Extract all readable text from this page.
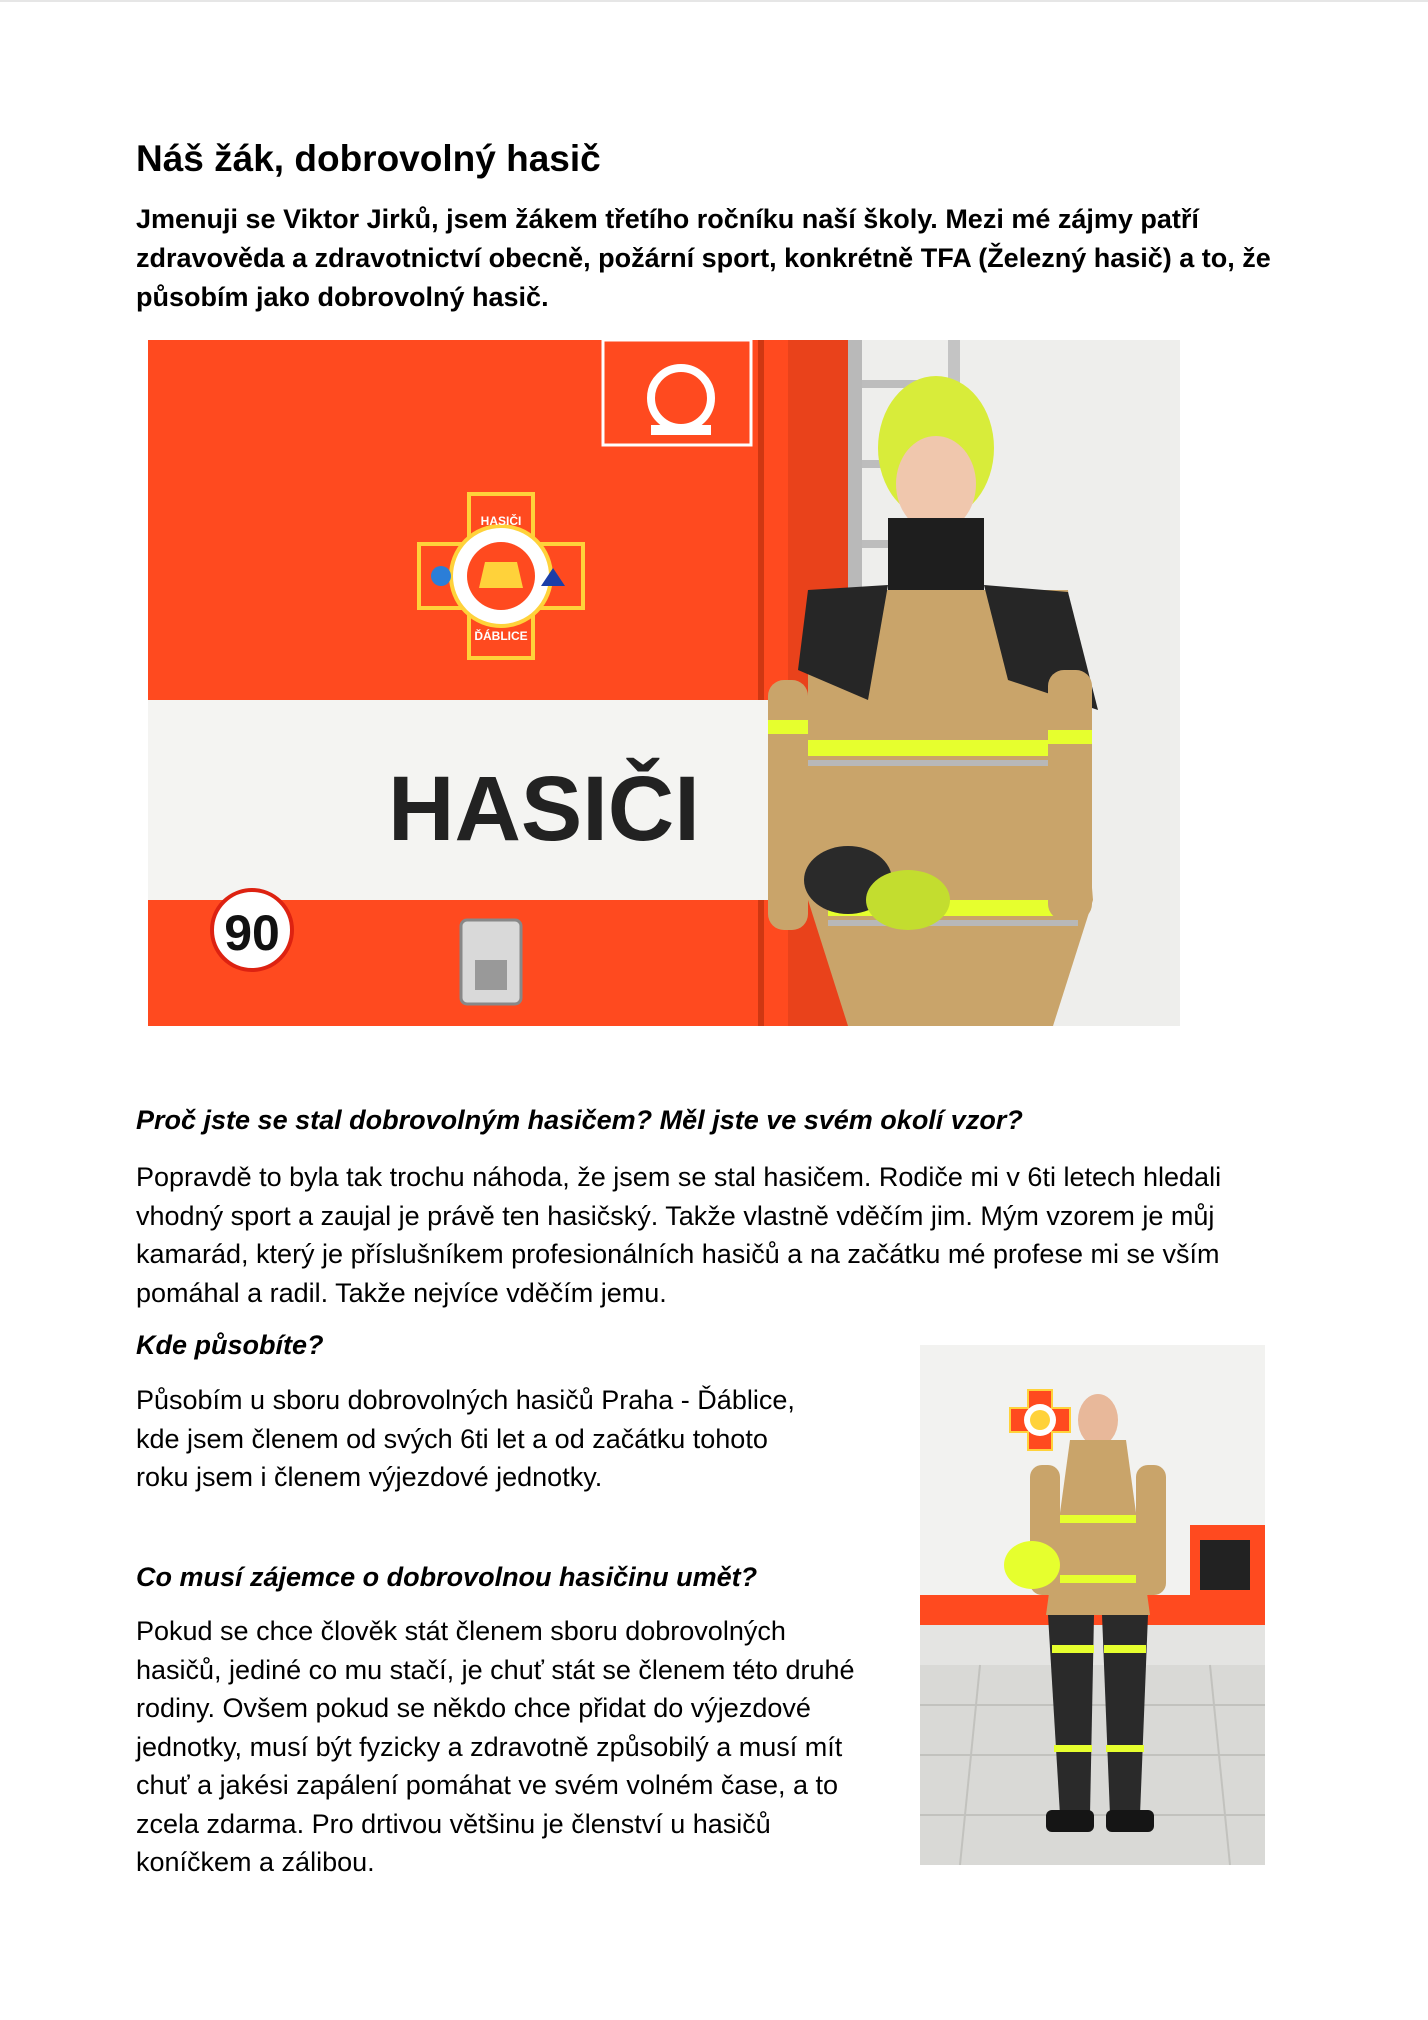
Náš žák, dobrovolný hasič
Jmenuji se Viktor Jirků, jsem žákem třetího ročníku naší školy. Mezi mé zájmy patří zdravověda a zdravotnictví obecně, požární sport, konkrétně TFA (Železný hasič) a to, že působím jako dobrovolný hasič.
HASIČI
90
HASIČI
ĎÁBLICE
Proč jste se stal dobrovolným hasičem? Měl jste ve svém okolí vzor?
Popravdě to byla tak trochu náhoda, že jsem se stal hasičem. Rodiče mi v 6ti letech hledali
vhodný sport a zaujal je právě ten hasičský. Takže vlastně vděčím jim. Mým vzorem je můj
kamarád, který je příslušníkem profesionálních hasičů a na začátku mé profese mi se vším
pomáhal a radil. Takže nejvíce vděčím jemu.
Kde působíte?
Působím u sboru dobrovolných hasičů Praha - Ďáblice,
kde jsem členem od svých 6ti let a od začátku tohoto
roku jsem i členem výjezdové jednotky.
Co musí zájemce o dobrovolnou hasičinu umět?
Pokud se chce člověk stát členem sboru dobrovolných
hasičů, jediné co mu stačí, je chuť stát se členem této druhé
rodiny. Ovšem pokud se někdo chce přidat do výjezdové
jednotky, musí být fyzicky a zdravotně způsobilý a musí mít
chuť a jakési zapálení pomáhat ve svém volném čase, a to
zcela zdarma. Pro drtivou většinu je členství u hasičů
koníčkem a zálibou.
